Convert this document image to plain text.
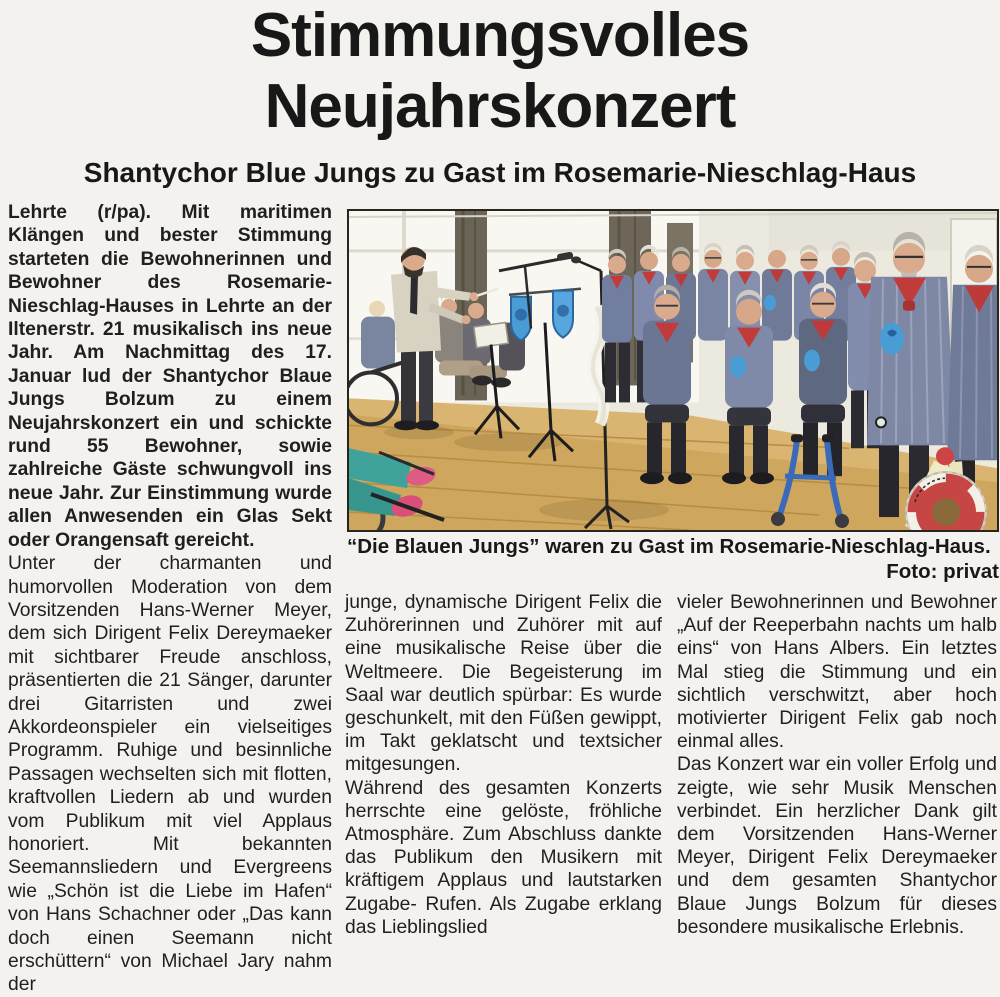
Stimmungsvolles
Neujahrskonzert
Shantychor Blue Jungs zu Gast im Rosemarie-Nieschlag-Haus

Lehrte (r/pa). Mit maritimen Klängen und bester Stimmung starteten die Bewohnerinnen und Bewohner des Rosemarie-Nieschlag-Hauses in Lehrte an der Iltenerstr. 21 musikalisch ins neue Jahr. Am Nachmittag des 17. Januar lud der Shantychor Blaue Jungs Bolzum zu einem Neujahrskonzert ein und schickte rund 55 Bewohner, sowie zahlreiche Gäste schwungvoll ins neue Jahr. Zur Einstimmung wurde allen Anwesenden ein Glas Sekt oder Orangensaft gereicht.

Unter der charmanten und humorvollen Moderation von dem Vorsitzenden Hans-Werner Meyer, dem sich Dirigent Felix Dereymaeker mit sichtbarer Freude anschloss, präsentierten die 21 Sänger, darunter drei Gitarristen und zwei Akkordeonspieler ein vielseitiges Programm. Ruhige und besinnliche Passagen wechselten sich mit flotten, kraftvollen Liedern ab und wurden vom Publikum mit viel Applaus honoriert. Mit bekannten Seemannsliedern und Evergreens wie „Schön ist die Liebe im Hafen“ von Hans Schachner oder „Das kann doch einen Seemann nicht erschüttern“ von Michael Jary nahm der

“Die Blauen Jungs” waren zu Gast im Rosemarie-Nieschlag-Haus.
Foto: privat

junge, dynamische Dirigent Felix die Zuhörerinnen und Zuhörer mit auf eine musikalische Reise über die Weltmeere. Die Begeisterung im Saal war deutlich spürbar: Es wurde geschunkelt, mit den Füßen gewippt, im Takt geklatscht und textsicher mitgesungen.

Während des gesamten Konzerts herrschte eine gelöste, fröhliche Atmosphäre. Zum Abschluss dankte das Publikum den Musikern mit kräftigem Applaus und lautstarken Zugabe- Rufen. Als Zugabe erklang das Lieblingslied

vieler Bewohnerinnen und Bewohner „Auf der Reeperbahn nachts um halb eins“ von Hans Albers. Ein letztes Mal stieg die Stimmung und ein sichtlich verschwitzt, aber hoch motivierter Dirigent Felix gab noch einmal alles.

Das Konzert war ein voller Erfolg und zeigte, wie sehr Musik Menschen verbindet. Ein herzlicher Dank gilt dem Vorsitzenden Hans-Werner Meyer, Dirigent Felix Dereymaeker und dem gesamten Shantychor Blaue Jungs Bolzum für dieses besondere musikalische Erlebnis.
